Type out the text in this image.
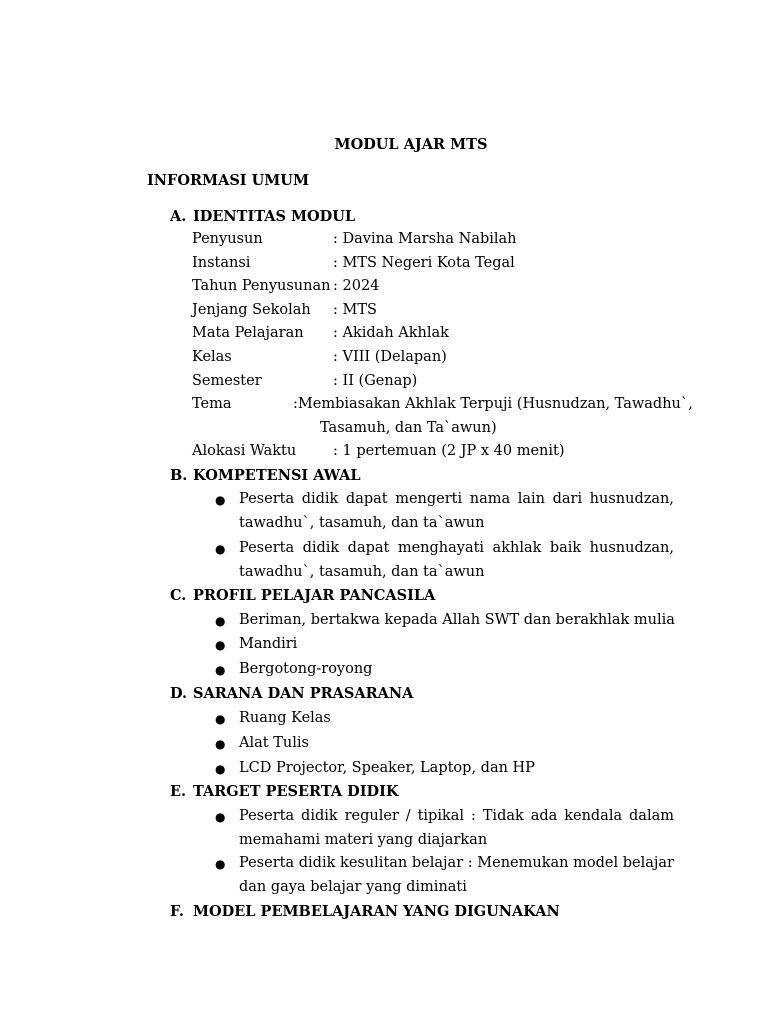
MODUL AJAR MTS
INFORMASI UMUM
A. IDENTITAS MODUL
Penyusun	: Davina Marsha Nabilah
Instansi	: MTS Negeri Kota Tegal
Tahun Penyusunan : 2024
Jenjang Sekolah : MTS
Mata Pelajaran : Akidah Akhlak
Kelas	: VIII (Delapan)
Semester	: II (Genap)
Tema	:Membiasakan Akhlak Terpuji (Husnudzan, Tawadhu`,
Tasamuh, dan Ta`awun)
Alokasi Waktu	: 1 pertemuan (2 JP x 40 menit)
B. KOMPETENSI AWAL
● Peserta didik dapat mengerti nama lain dari husnudzan,
tawadhu`, tasamuh, dan ta`awun
● Peserta didik dapat menghayati akhlak baik husnudzan,
tawadhu`, tasamuh, dan ta`awun
C. PROFIL PELAJAR PANCASILA
● Beriman, bertakwa kepada Allah SWT dan berakhlak mulia
● Mandiri
● Bergotong-royong
D. SARANA DAN PRASARANA
● Ruang Kelas
● Alat Tulis
● LCD Projector, Speaker, Laptop, dan HP
E. TARGET PESERTA DIDIK
● Peserta didik reguler / tipikal : Tidak ada kendala dalam
memahami materi yang diajarkan
● Peserta didik kesulitan belajar : Menemukan model belajar
dan gaya belajar yang diminati
F. MODEL PEMBELAJARAN YANG DIGUNAKAN
